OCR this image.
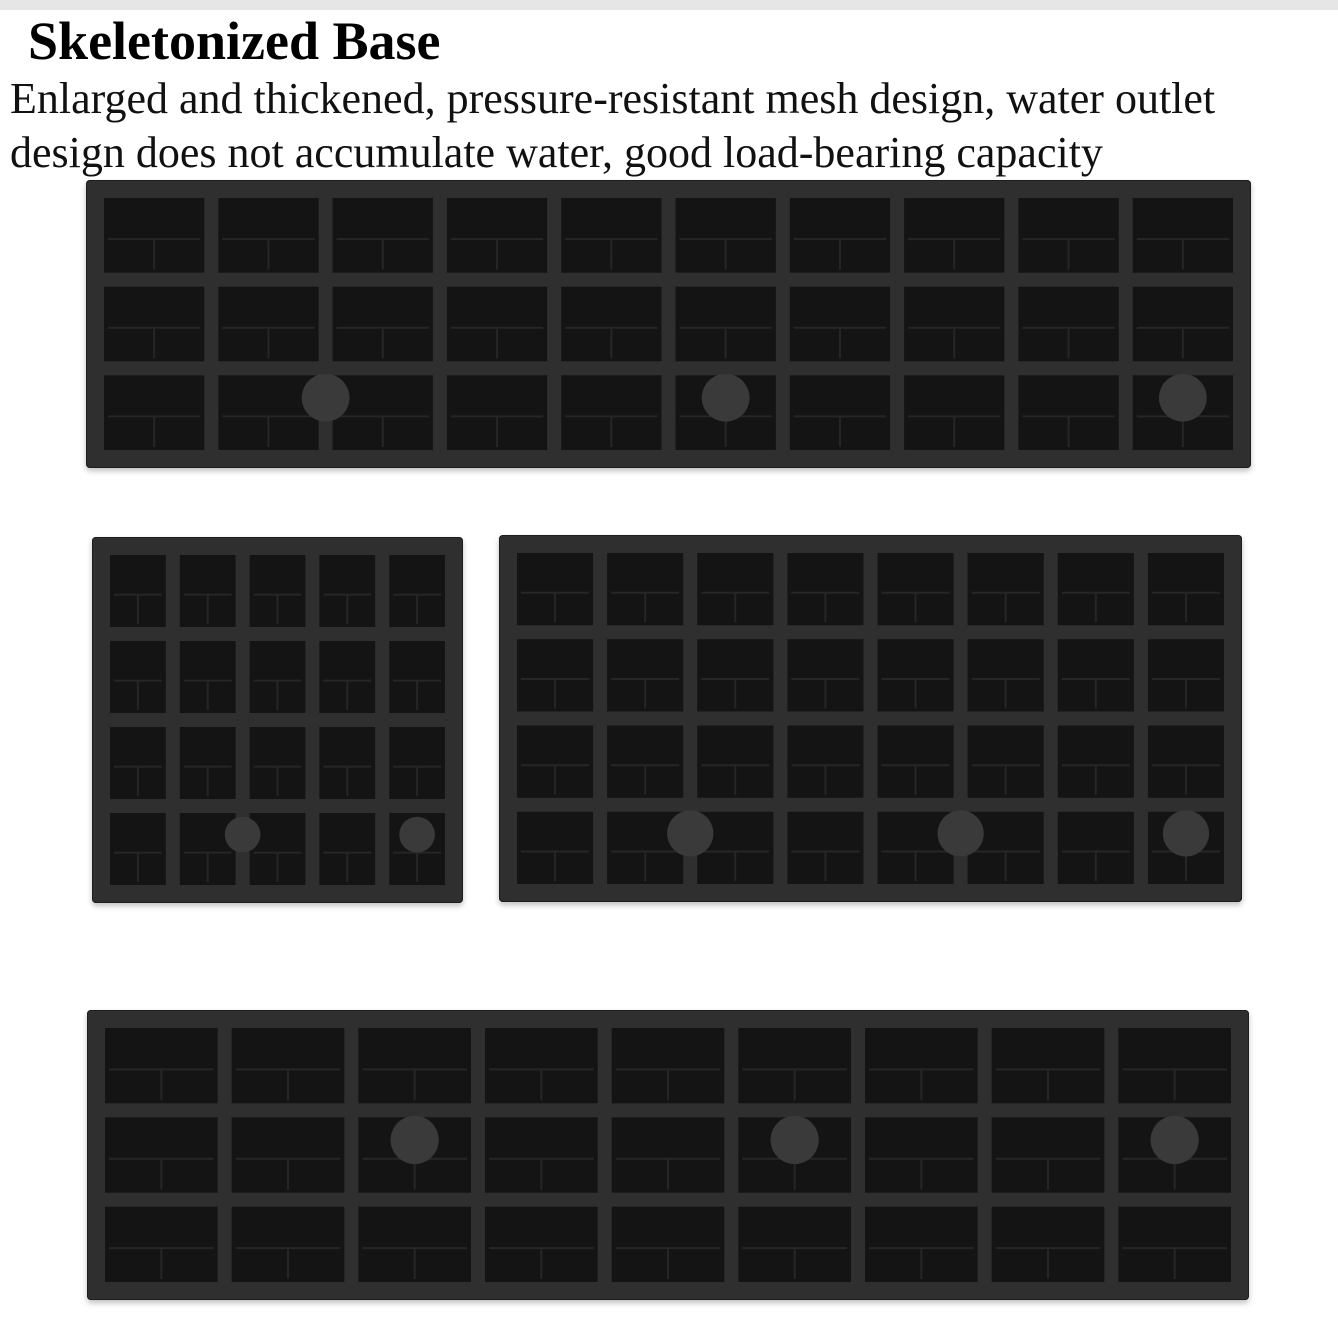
Skeletonized Base
Enlarged and thickened, pressure-resistant mesh design, water outlet
design does not accumulate water, good load-bearing capacity
